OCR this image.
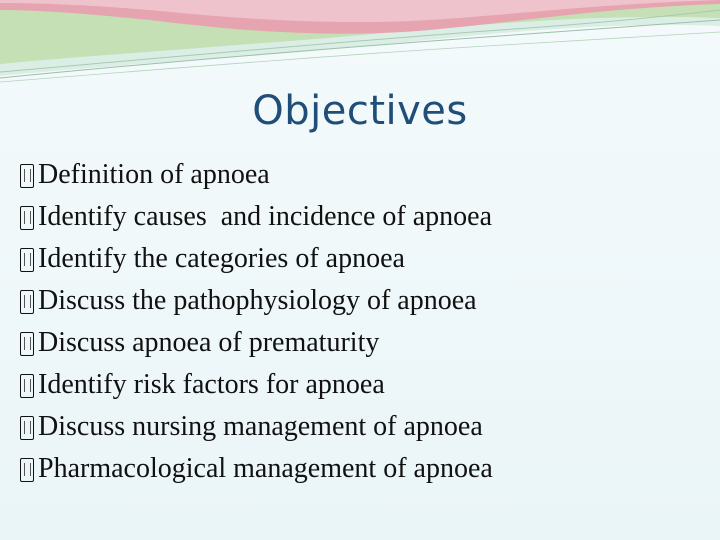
Objectives
Definition of apnoea
Identify causes  and incidence of apnoea
Identify the categories of apnoea
Discuss the pathophysiology of apnoea
Discuss apnoea of prematurity
Identify risk factors for apnoea
Discuss nursing management of apnoea
Pharmacological management of apnoea
